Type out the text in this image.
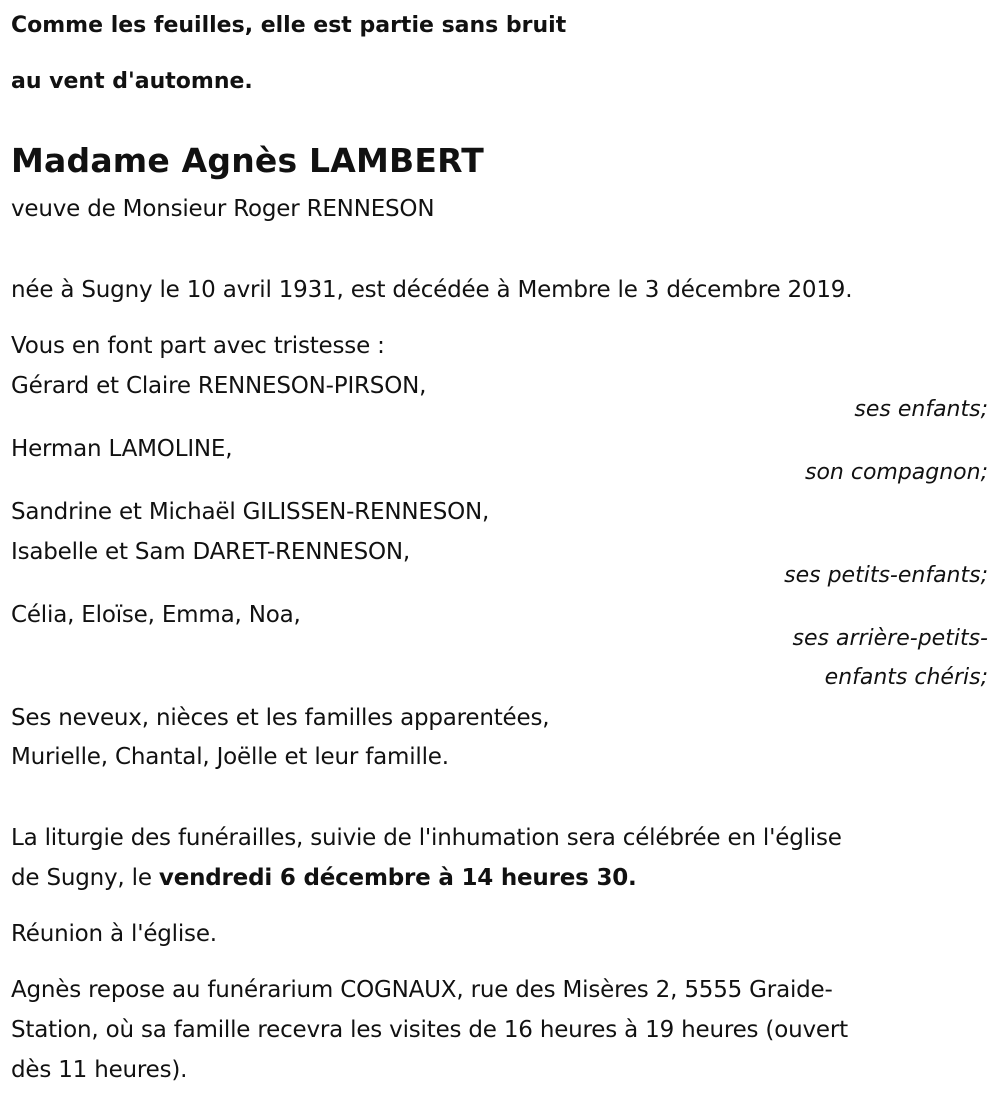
Comme les feuilles, elle est partie sans bruit
au vent d'automne.
Madame Agnès LAMBERT
veuve de Monsieur Roger RENNESON
née à Sugny le 10 avril 1931, est décédée à Membre le 3 décembre 2019.
Vous en font part avec tristesse :
Gérard et Claire RENNESON-PIRSON,
ses enfants;
Herman LAMOLINE,
son compagnon;
Sandrine et Michaël GILISSEN-RENNESON,
Isabelle et Sam DARET-RENNESON,
ses petits-enfants;
Célia, Eloïse, Emma, Noa,
ses arrière-petits-
enfants chéris;
Ses neveux, nièces et les familles apparentées,
Murielle, Chantal, Joëlle et leur famille.
La liturgie des funérailles, suivie de l'inhumation sera célébrée en l'église
de Sugny, le vendredi 6 décembre à 14 heures 30.
Réunion à l'église.
Agnès repose au funérarium COGNAUX, rue des Misères 2, 5555 Graide-
Station, où sa famille recevra les visites de 16 heures à 19 heures (ouvert
dès 11 heures).
